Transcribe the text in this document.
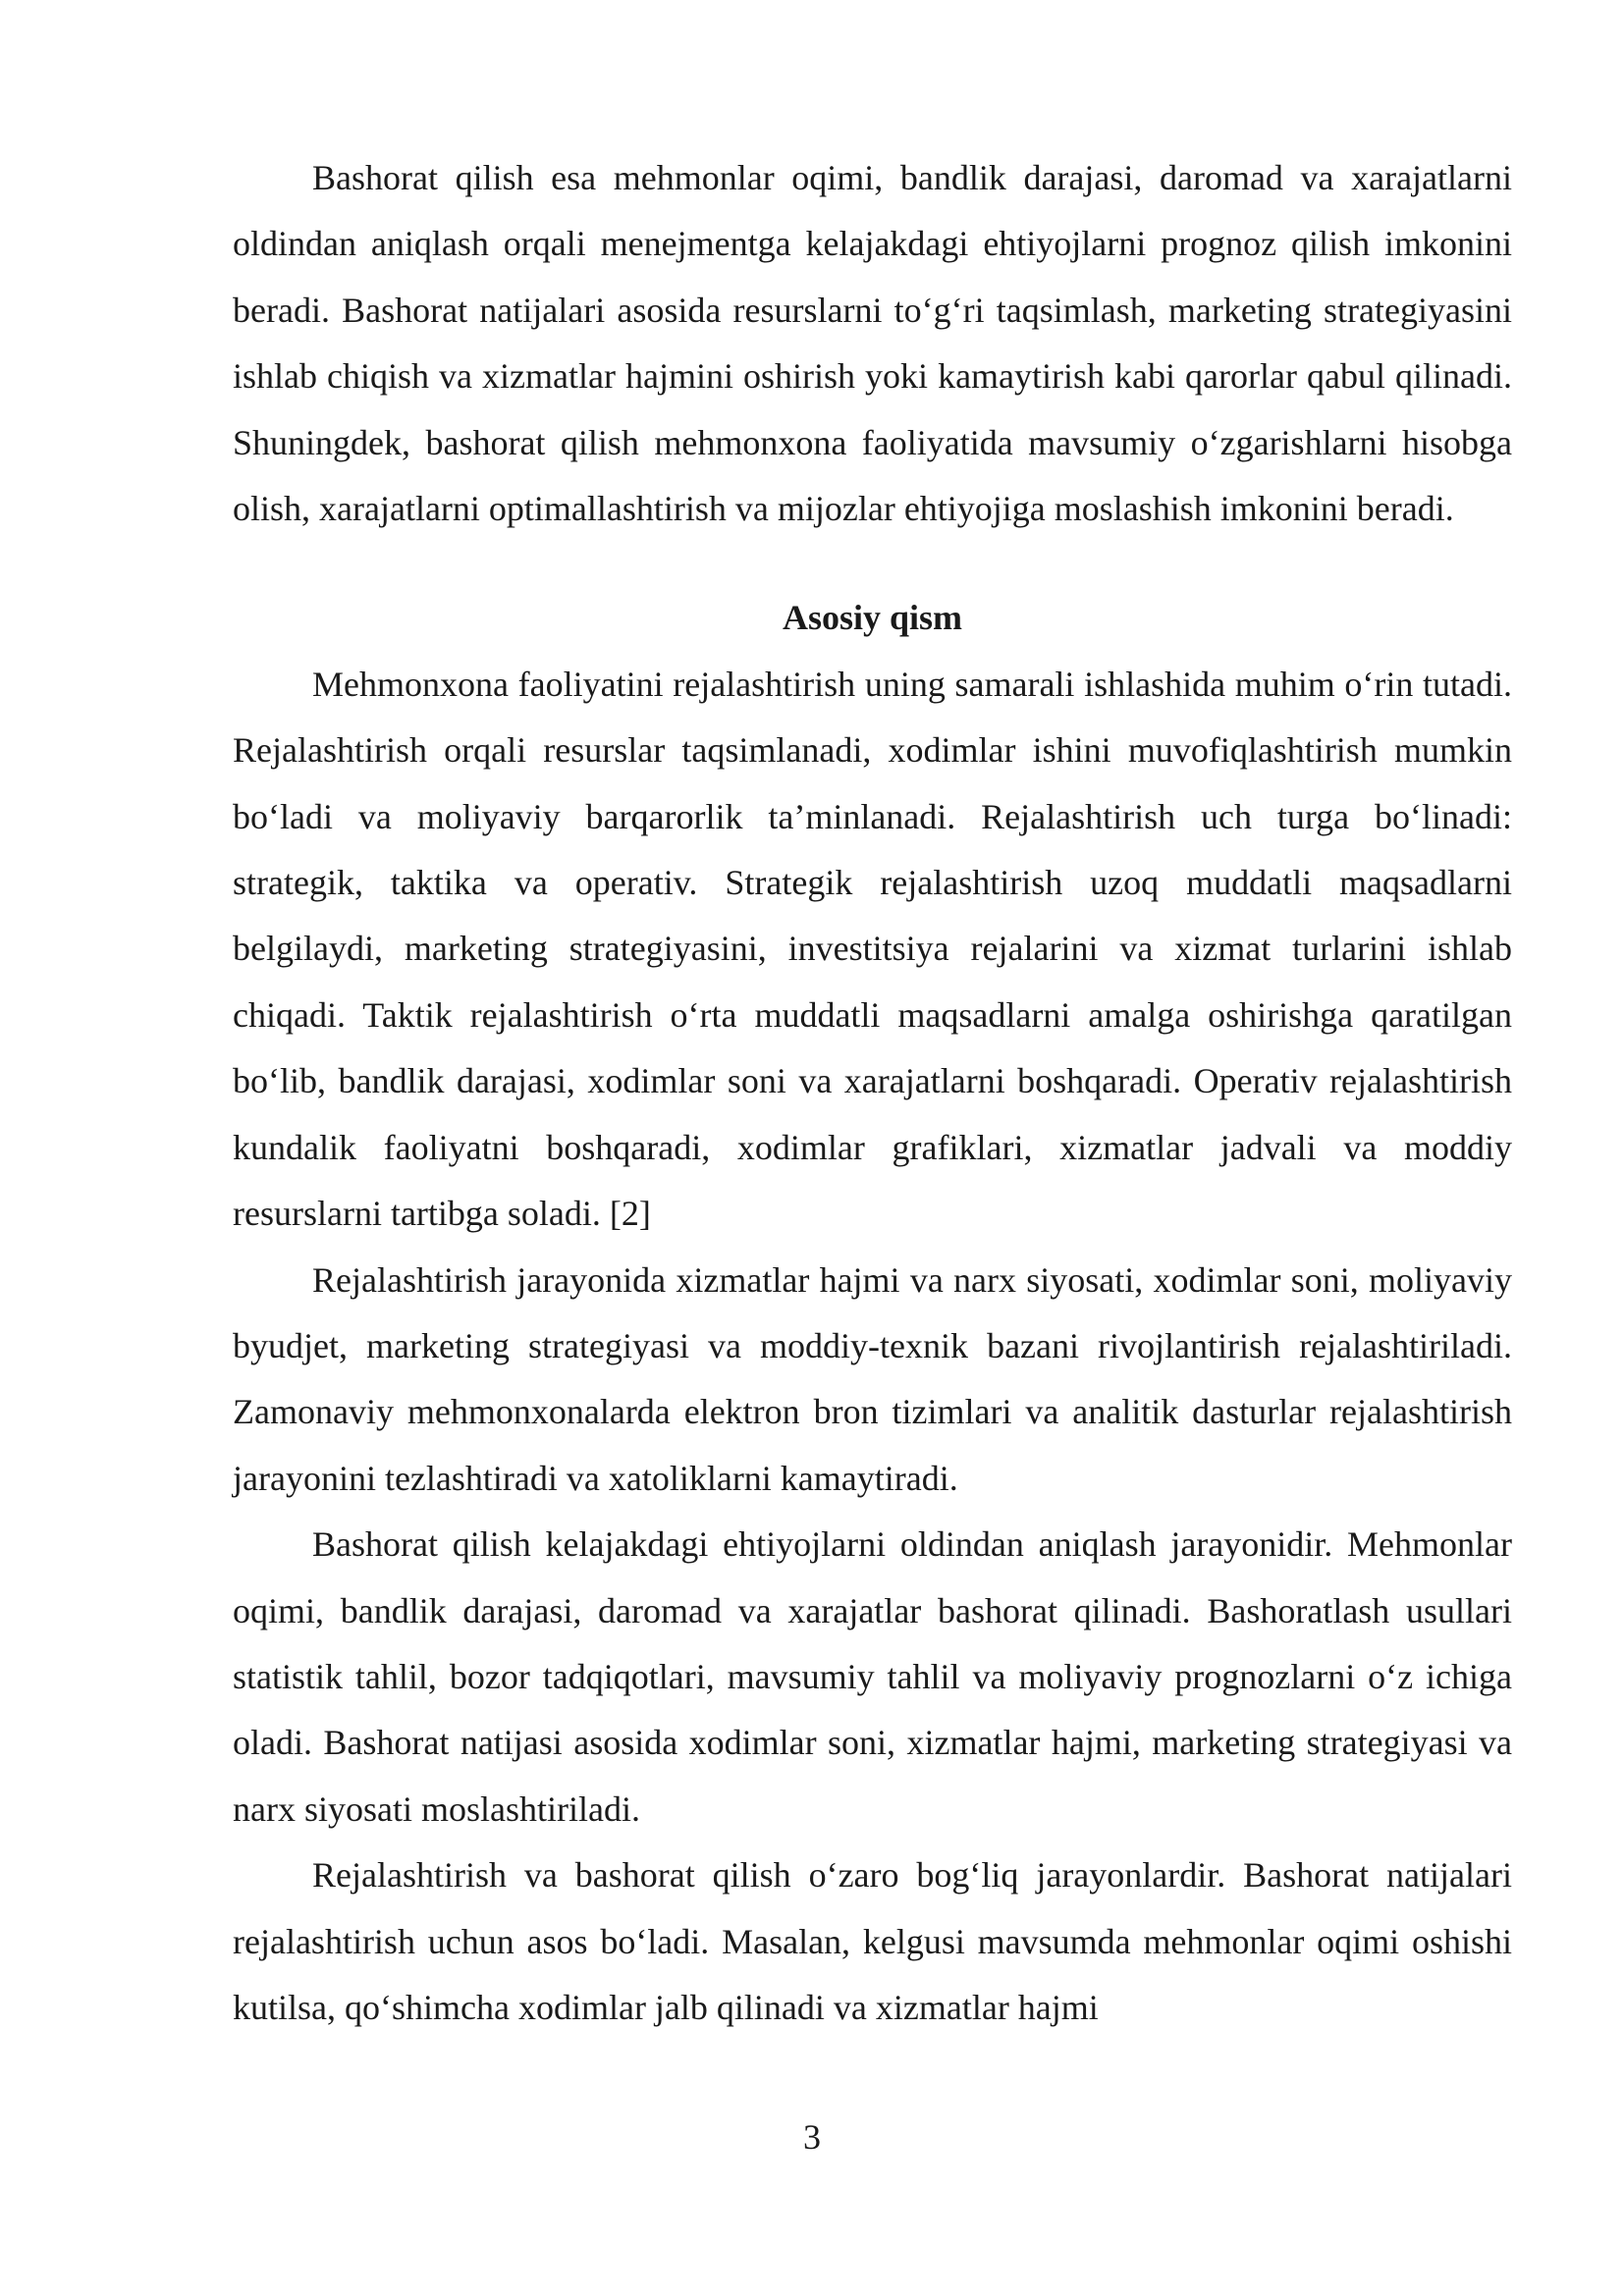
Bashorat qilish esa mehmonlar oqimi, bandlik darajasi, daromad va xarajatlarni oldindan aniqlash orqali menejmentga kelajakdagi ehtiyojlarni prognoz qilish imkonini beradi. Bashorat natijalari asosida resurslarni to‘g‘ri taqsimlash, marketing strategiyasini ishlab chiqish va xizmatlar hajmini oshirish yoki kamaytirish kabi qarorlar qabul qilinadi. Shuningdek, bashorat qilish mehmonxona faoliyatida mavsumiy o‘zgarishlarni hisobga olish, xarajatlarni optimallashtirish va mijozlar ehtiyojiga moslashish imkonini beradi.

Asosiy qism

Mehmonxona faoliyatini rejalashtirish uning samarali ishlashida muhim o‘rin tutadi. Rejalashtirish orqali resurslar taqsimlanadi, xodimlar ishini muvofiqlashtirish mumkin bo‘ladi va moliyaviy barqarorlik ta’minlanadi. Rejalashtirish uch turga bo‘linadi: strategik, taktika va operativ. Strategik rejalashtirish uzoq muddatli maqsadlarni belgilaydi, marketing strategiyasini, investitsiya rejalarini va xizmat turlarini ishlab chiqadi. Taktik rejalashtirish o‘rta muddatli maqsadlarni amalga oshirishga qaratilgan bo‘lib, bandlik darajasi, xodimlar soni va xarajatlarni boshqaradi. Operativ rejalashtirish kundalik faoliyatni boshqaradi, xodimlar grafiklari, xizmatlar jadvali va moddiy resurslarni tartibga soladi. [2]

Rejalashtirish jarayonida xizmatlar hajmi va narx siyosati, xodimlar soni, moliyaviy byudjet, marketing strategiyasi va moddiy-texnik bazani rivojlantirish rejalashtiriladi. Zamonaviy mehmonxonalarda elektron bron tizimlari va analitik dasturlar rejalashtirish jarayonini tezlashtiradi va xatoliklarni kamaytiradi.

Bashorat qilish kelajakdagi ehtiyojlarni oldindan aniqlash jarayonidir. Mehmonlar oqimi, bandlik darajasi, daromad va xarajatlar bashorat qilinadi. Bashoratlash usullari statistik tahlil, bozor tadqiqotlari, mavsumiy tahlil va moliyaviy prognozlarni o‘z ichiga oladi. Bashorat natijasi asosida xodimlar soni, xizmatlar hajmi, marketing strategiyasi va narx siyosati moslashtiriladi.

Rejalashtirish va bashorat qilish o‘zaro bog‘liq jarayonlardir. Bashorat natijalari rejalashtirish uchun asos bo‘ladi. Masalan, kelgusi mavsumda mehmonlar oqimi oshishi kutilsa, qo‘shimcha xodimlar jalb qilinadi va xizmatlar hajmi

3
